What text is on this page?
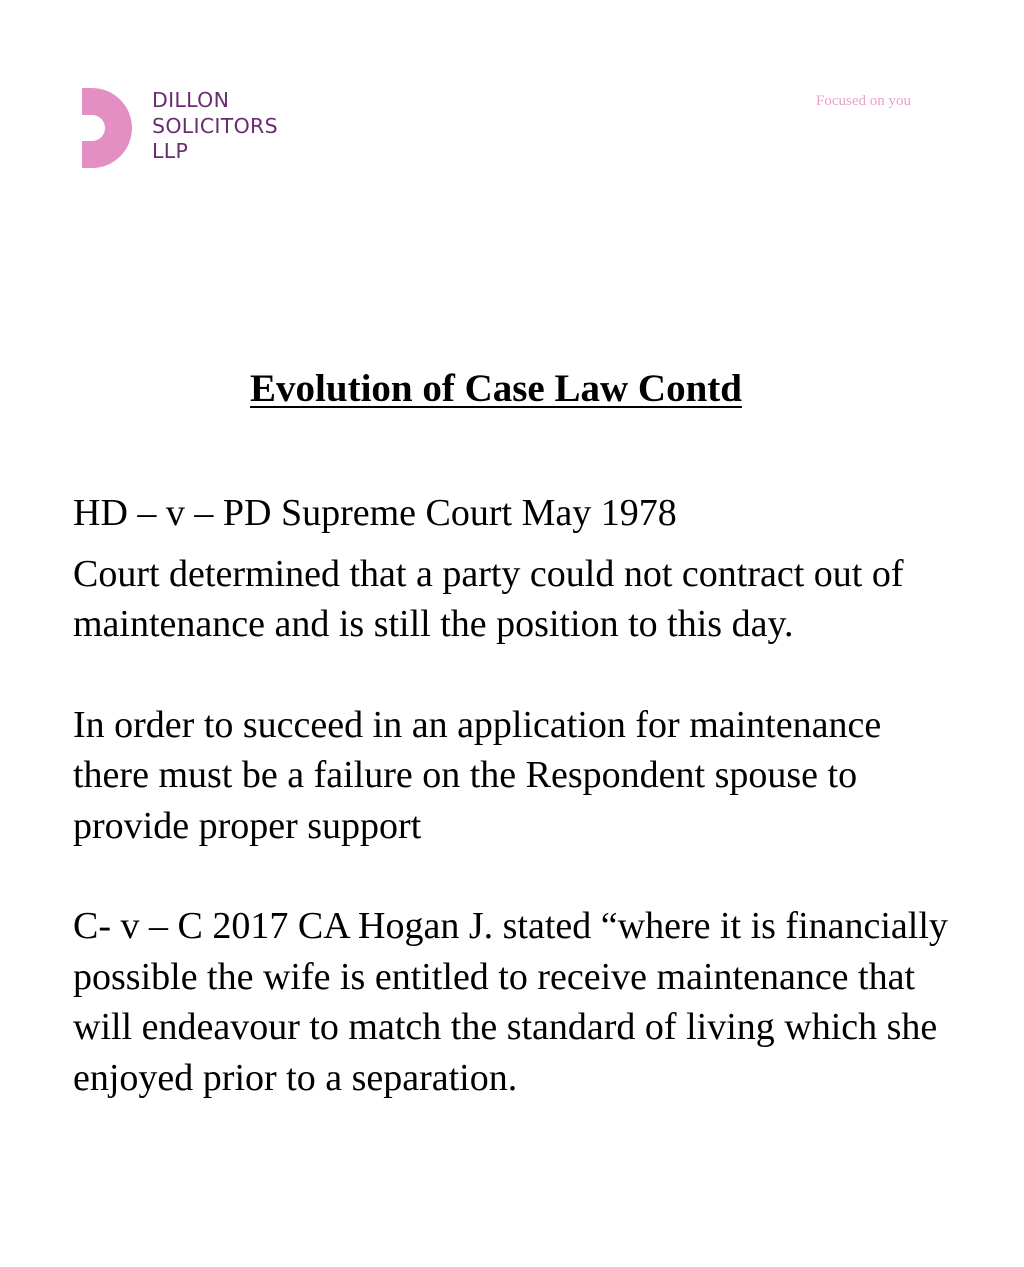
DILLON
SOLICITORS
LLP
Focused on you
Evolution of Case Law Contd

HD – v – PD Supreme Court May 1978

Court determined that a party could not contract out of maintenance and is still the position to this day.

In order to succeed in an application for maintenance there must be a failure on the Respondent spouse to provide proper support

C- v – C 2017 CA Hogan J. stated “where it is financially possible the wife is entitled to receive maintenance that will endeavour to match the standard of living which she enjoyed prior to a separation.
